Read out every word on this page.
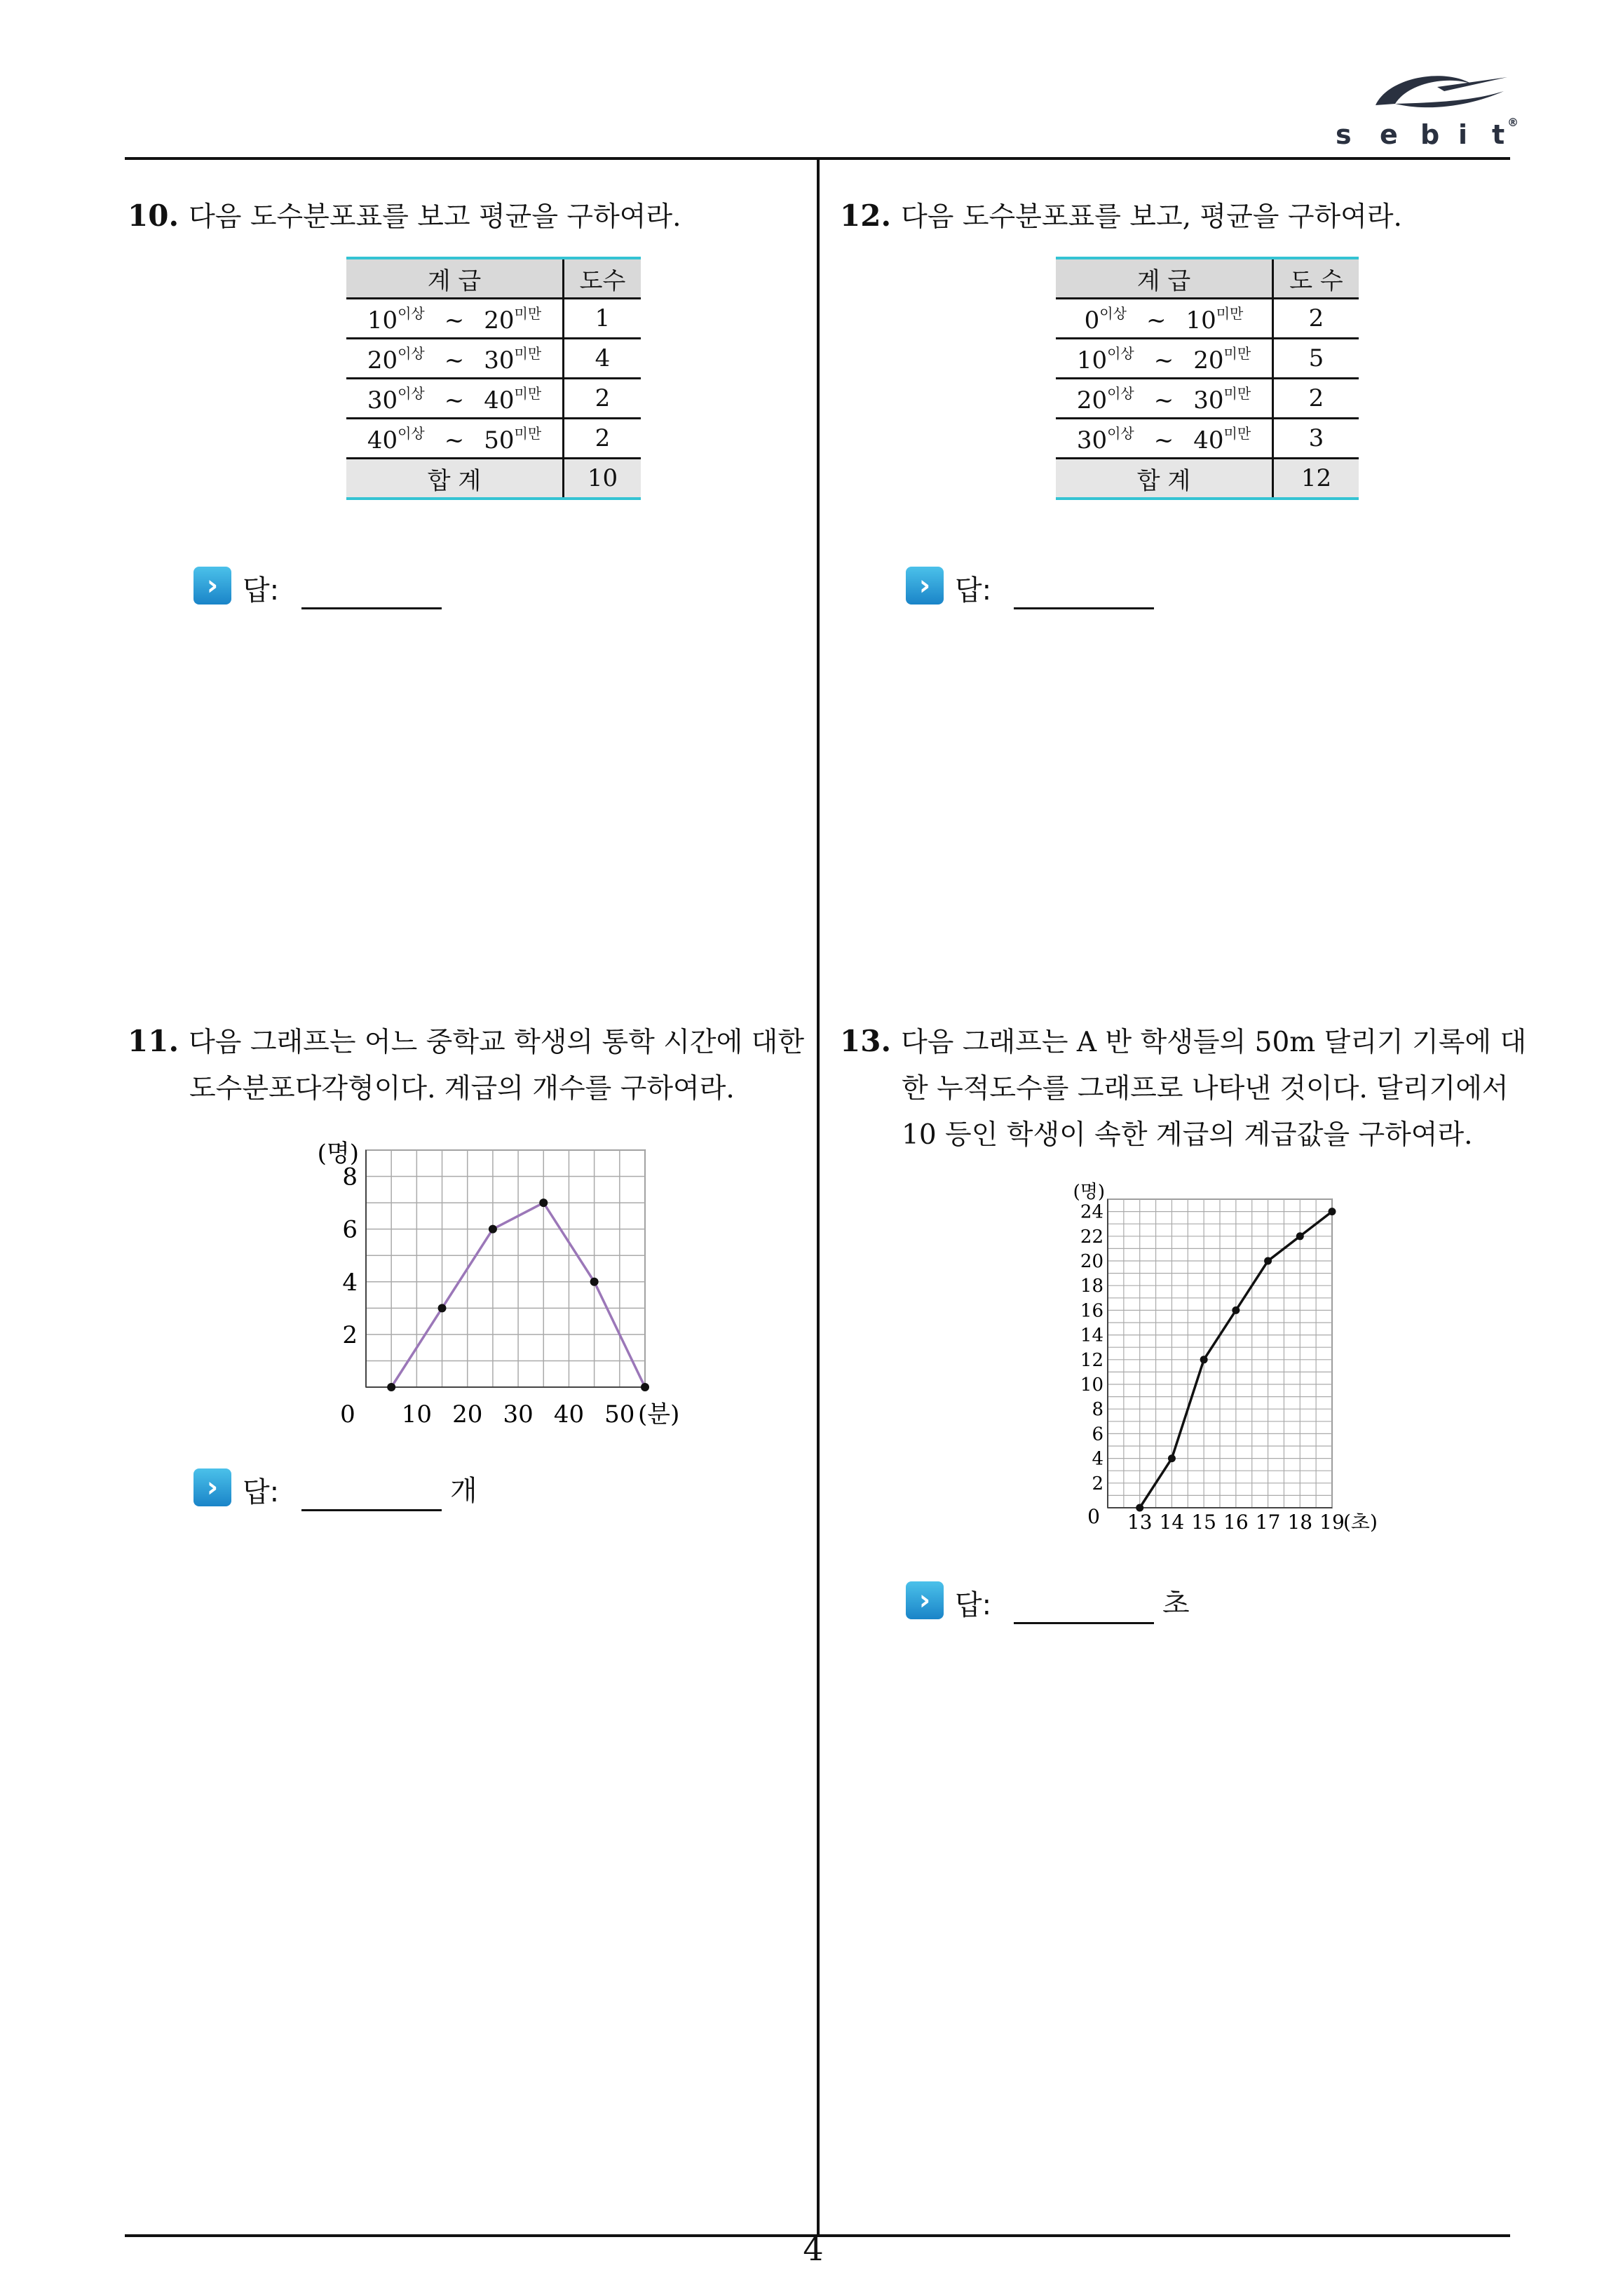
s e b i t ®
4
10. 다음 도수분포표를 보고 평균을 구하여라.
계 급	도수
$10^{이상}$ ~ $20^{미만}$	1
$20^{이상}$ ~ $30^{미만}$	4
$30^{이상}$ ~ $40^{미만}$	2
$40^{이상}$ ~ $50^{미만}$	2
합 계	10
› 답:
12. 다음 도수분포표를 보고, 평균을 구하여라.
계 급	도 수
$0^{이상}$ ~ $10^{미만}$	2
$10^{이상}$ ~ $20^{미만}$	5
$20^{이상}$ ~ $30^{미만}$	2
$30^{이상}$ ~ $40^{미만}$	3
합 계	12
› 답:
11. 다음 그래프는 어느 중학교 학생의 통학 시간에 대한
도수분포다각형이다. 계급의 개수를 구하여라.
2
4
6
8
10 20 30 40 50
0
(명)
(분)
› 답:	개
13. 다음 그래프는 A 반 학생들의 50m 달리기 기록에 대
한 누적도수를 그래프로 나타낸 것이다. 달리기에서
10 등인 학생이 속한 계급의 계급값을 구하여라.
2
4
6
8
10
12
14
16
18
20
22
24
13 14 15 16 17 18 19
0
(명)
(초)
› 답:	초
